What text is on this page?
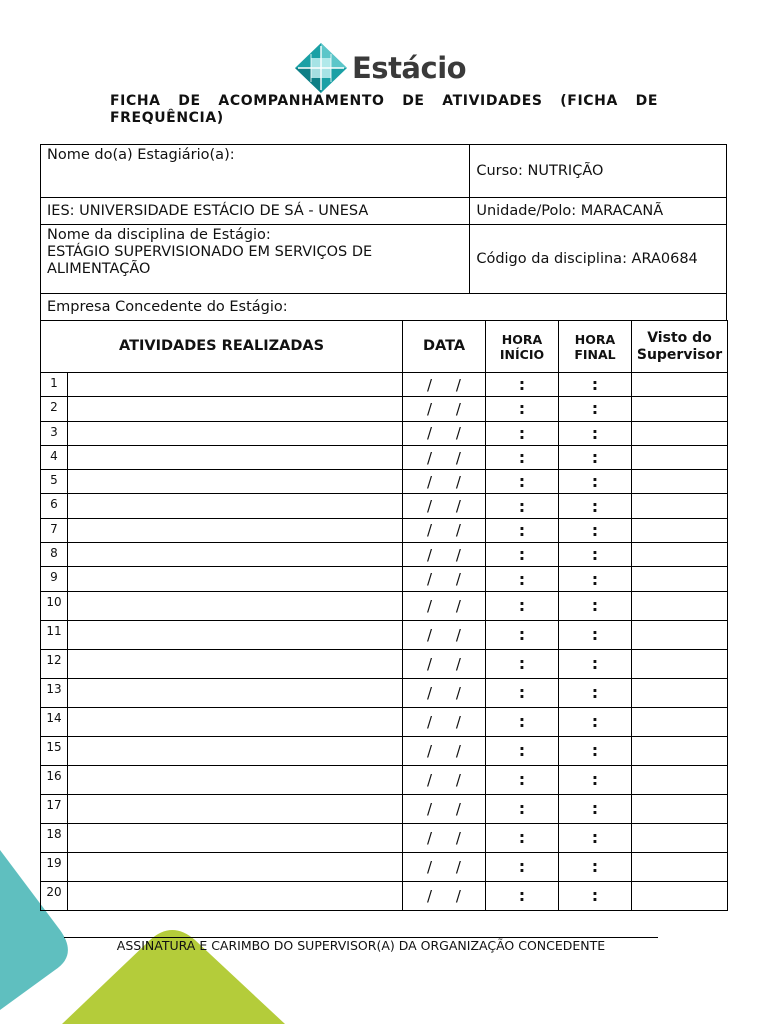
Estácio
FICHA DE ACOMPANHAMENTO DE ATIVIDADES (FICHA DE FREQUÊNCIA)
Nome do(a) Estagiário(a):	Curso: NUTRIÇÃO
IES: UNIVERSIDADE ESTÁCIO DE SÁ - UNESA	Unidade/Polo: MARACANÃ

Nome da disciplina de Estágio:
ESTÁGIO SUPERVISIONADO EM SERVIÇOS DE ALIMENTAÇÃO	Código da disciplina: ARA0684
Empresa Concedente do Estágio:	
ATIVIDADES REALIZADAS		DATA	HORA INÍCIO	HORA FINAL	Visto do Supervisor
1		/     /	:	:	
2		/     /	:	:	
3		/     /	:	:	
4		/     /	:	:	
5		/     /	:	:	
6		/     /	:	:	
7		/     /	:	:	
8		/     /	:	:	
9		/     /	:	:	
10		/     /	:	:	
11		/     /	:	:	
12		/     /	:	:	
13		/     /	:	:	
14		/     /	:	:	
15		/     /	:	:	
16		/     /	:	:	
17		/     /	:	:	
18		/     /	:	:	
19		/     /	:	:	
20		/     /	:	:	
ASSINATURA E CARIMBO DO SUPERVISOR(A) DA ORGANIZAÇÃO CONCEDENTE
